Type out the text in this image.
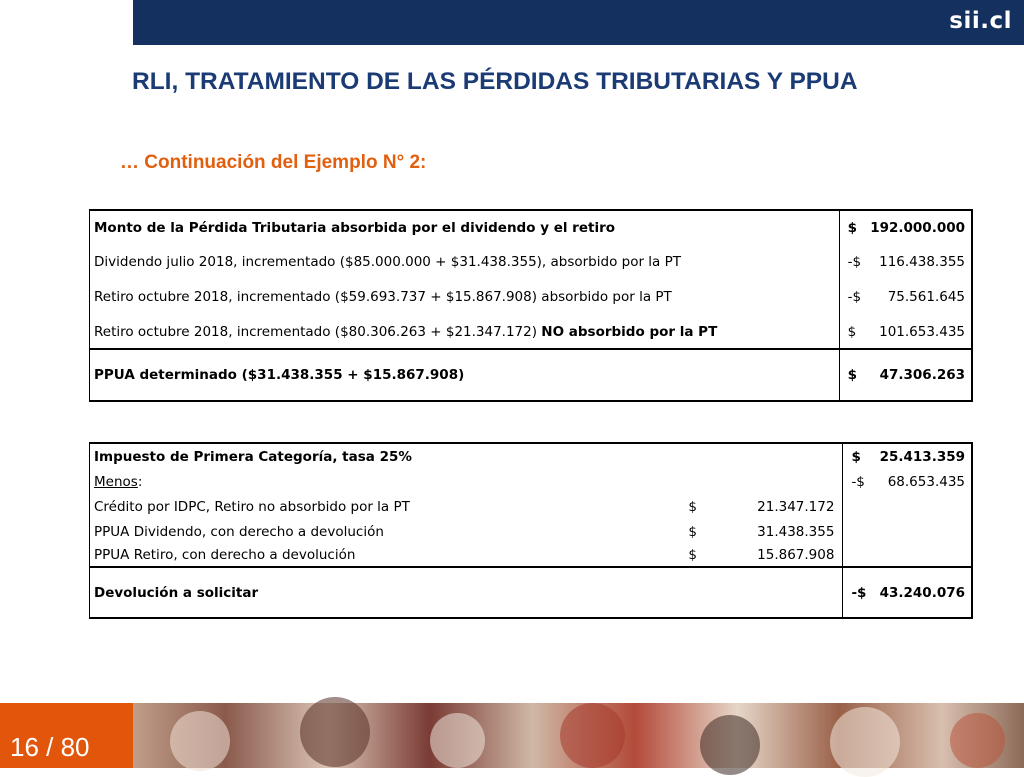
sii.cl
RLI, TRATAMIENTO DE LAS PÉRDIDAS TRIBUTARIAS Y PPUA
… Continuación del Ejemplo N° 2:
Monto de la Pérdida Tributaria absorbida por el dividendo y el retiro	$ 192.000.000

Dividendo julio 2018, incrementado ($85.000.000 + $31.438.355), absorbido por la PT	-$ 116.438.355

Retiro octubre 2018, incrementado ($59.693.737 + $15.867.908) absorbido por la PT	-$ 75.561.645

Retiro octubre 2018, incrementado ($80.306.263 + $21.347.172) NO absorbido por la PT	$ 101.653.435

PPUA determinado ($31.438.355 + $15.867.908)	$ 47.306.263
Impuesto de Primera Categoría, tasa 25%			$ 25.413.359

Menos:			-$ 68.653.435

Crédito por IDPC, Retiro no absorbido por la PT	$	21.347.172	
PPUA Dividendo, con derecho a devolución	$	31.438.355	
PPUA Retiro, con derecho a devolución	$	15.867.908	
Devolución a solicitar			-$ 43.240.076
16 / 80
